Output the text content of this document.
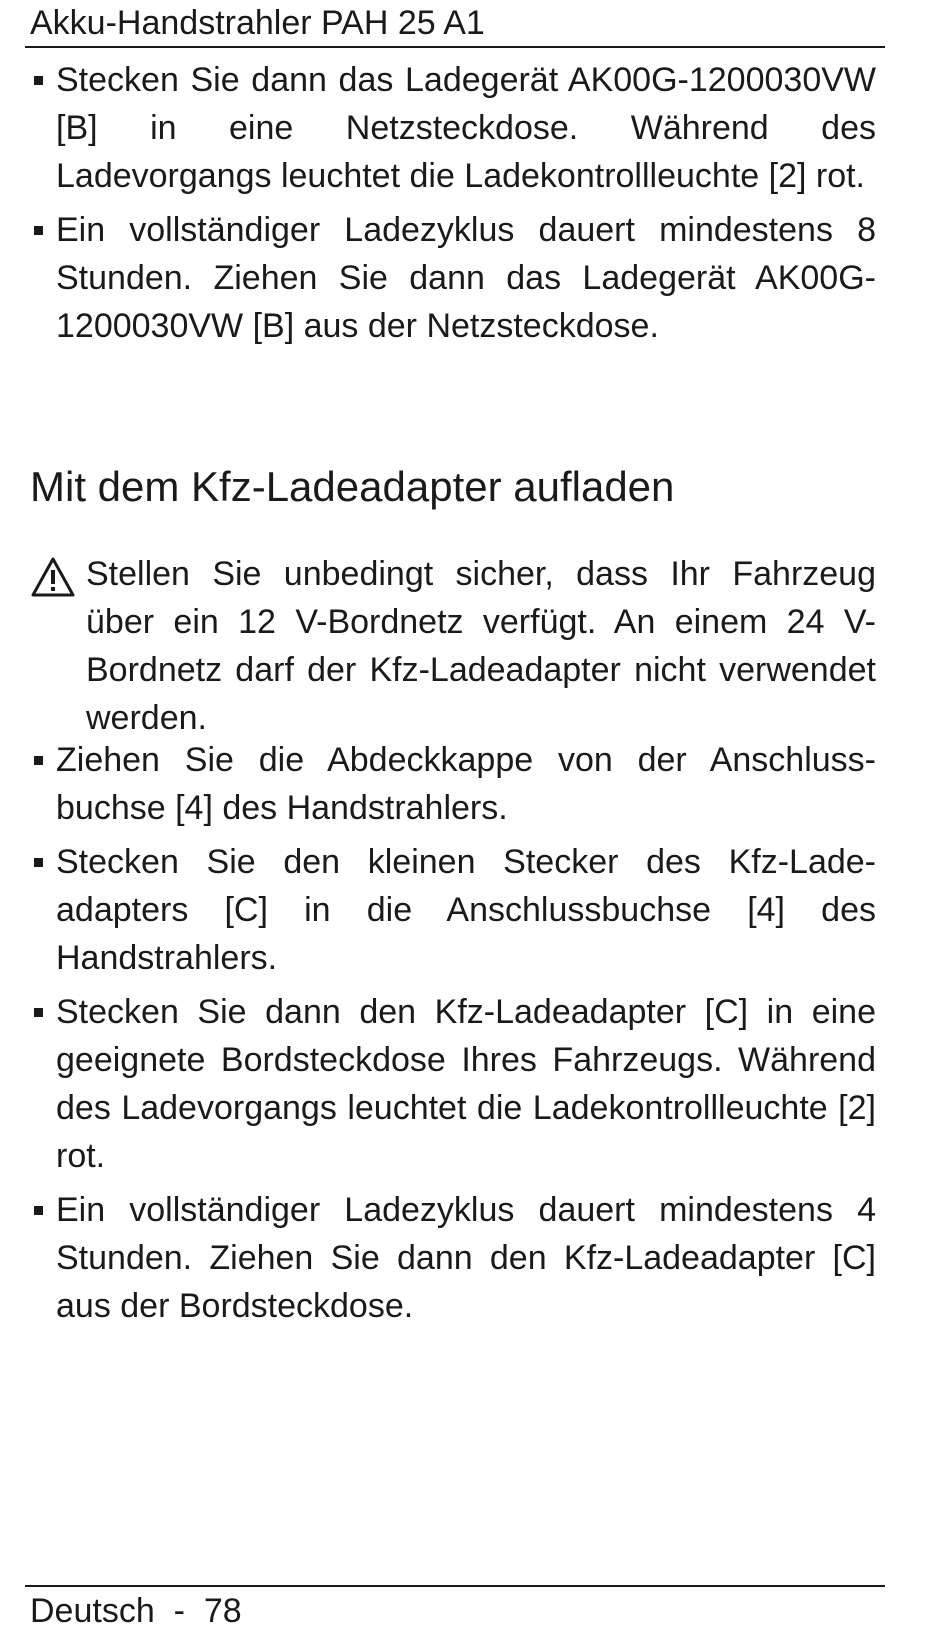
Akku-Handstrahler PAH 25 A1
Stecken Sie dann das Ladegerät AK00G-1200030VW [B] in eine Netzsteckdose. Während des Ladevorgangs leuchtet die Ladekontrollleuchte [2] rot.
Ein vollständiger Ladezyklus dauert mindestens 8 Stunden. Ziehen Sie dann das Ladegerät AK00G-1200030VW [B] aus der Netzsteckdose.
Mit dem Kfz-Ladeadapter aufladen
Stellen Sie unbedingt sicher, dass Ihr Fahrzeug über ein 12 V-Bordnetz verfügt. An einem 24 V-Bordnetz darf der Kfz-Ladeadapter nicht verwendet werden.
Ziehen Sie die Abdeckkappe von der Anschlussbuchse [4] des Handstrahlers.
Stecken Sie den kleinen Stecker des Kfz-Ladeadapters [C] in die Anschlussbuchse [4] des Handstrahlers.
Stecken Sie dann den Kfz-Ladeadapter [C] in eine geeignete Bordsteckdose Ihres Fahrzeugs. Während des Ladevorgangs leuchtet die Ladekontrollleuchte [2] rot.
Ein vollständiger Ladezyklus dauert mindestens 4 Stunden. Ziehen Sie dann den Kfz-Ladeadapter [C] aus der Bordsteckdose.
Deutsch  -  78
